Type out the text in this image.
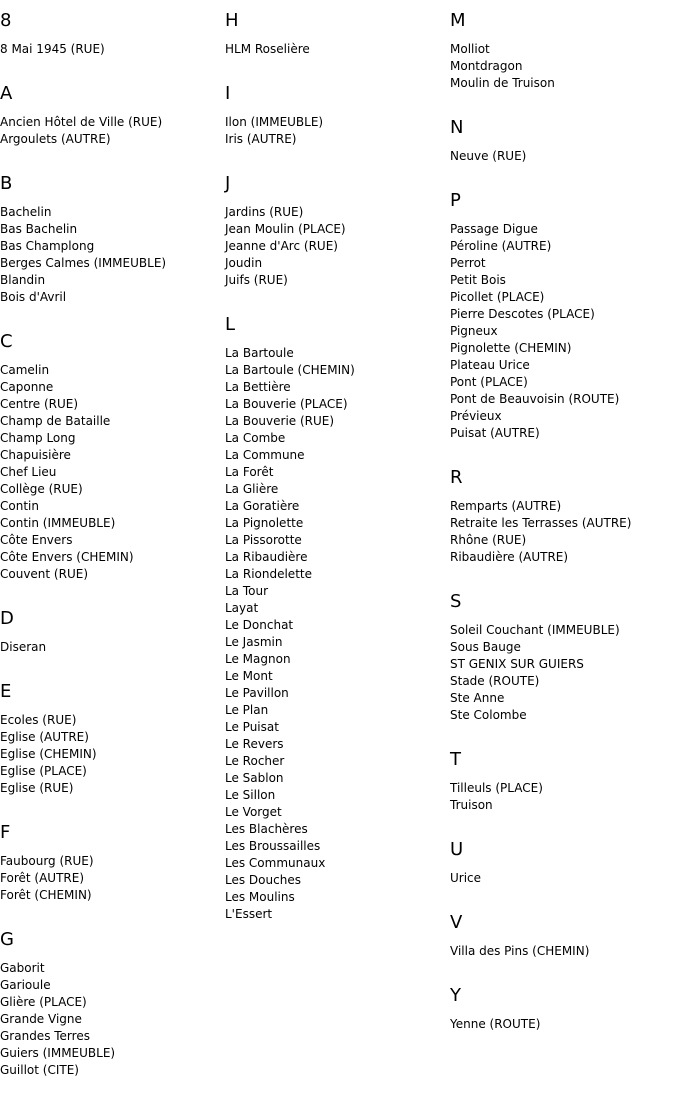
8
8 Mai 1945 (RUE)
A
Ancien Hôtel de Ville (RUE)
Argoulets (AUTRE)
B
Bachelin
Bas Bachelin
Bas Champlong
Berges Calmes (IMMEUBLE)
Blandin
Bois d'Avril
C
Camelin
Caponne
Centre (RUE)
Champ de Bataille
Champ Long
Chapuisière
Chef Lieu
Collège (RUE)
Contin
Contin (IMMEUBLE)
Côte Envers
Côte Envers (CHEMIN)
Couvent (RUE)
D
Diseran
E
Ecoles (RUE)
Eglise (AUTRE)
Eglise (CHEMIN)
Eglise (PLACE)
Eglise (RUE)
F
Faubourg (RUE)
Forêt (AUTRE)
Forêt (CHEMIN)
G
Gaborit
Garioule
Glière (PLACE)
Grande Vigne
Grandes Terres
Guiers (IMMEUBLE)
Guillot (CITE)
H
HLM Roselière
I
Ilon (IMMEUBLE)
Iris (AUTRE)
J
Jardins (RUE)
Jean Moulin (PLACE)
Jeanne d'Arc (RUE)
Joudin
Juifs (RUE)
L
La Bartoule
La Bartoule (CHEMIN)
La Bettière
La Bouverie (PLACE)
La Bouverie (RUE)
La Combe
La Commune
La Forêt
La Glière
La Goratière
La Pignolette
La Pissorotte
La Ribaudière
La Riondelette
La Tour
Layat
Le Donchat
Le Jasmin
Le Magnon
Le Mont
Le Pavillon
Le Plan
Le Puisat
Le Revers
Le Rocher
Le Sablon
Le Sillon
Le Vorget
Les Blachères
Les Broussailles
Les Communaux
Les Douches
Les Moulins
L'Essert
M
Molliot
Montdragon
Moulin de Truison
N
Neuve (RUE)
P
Passage Digue
Péroline (AUTRE)
Perrot
Petit Bois
Picollet (PLACE)
Pierre Descotes (PLACE)
Pigneux
Pignolette (CHEMIN)
Plateau Urice
Pont (PLACE)
Pont de Beauvoisin (ROUTE)
Prévieux
Puisat (AUTRE)
R
Remparts (AUTRE)
Retraite les Terrasses (AUTRE)
Rhône (RUE)
Ribaudière (AUTRE)
S
Soleil Couchant (IMMEUBLE)
Sous Bauge
ST GENIX SUR GUIERS
Stade (ROUTE)
Ste Anne
Ste Colombe
T
Tilleuls (PLACE)
Truison
U
Urice
V
Villa des Pins (CHEMIN)
Y
Yenne (ROUTE)
